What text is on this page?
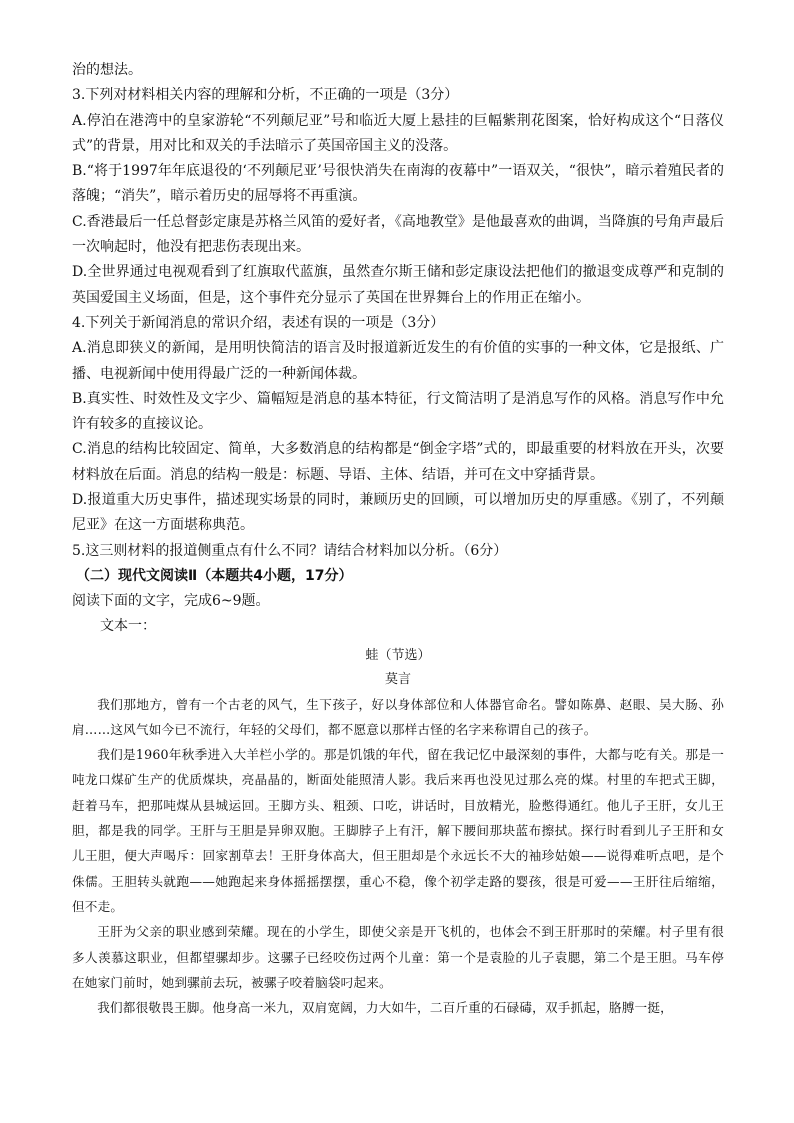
治的想法。

3.下列对材料相关内容的理解和分析，不正确的一项是（3分）

A.停泊在港湾中的皇家游轮“不列颠尼亚”号和临近大厦上悬挂的巨幅紫荆花图案，恰好构成这个“日落仪式”的背景，用对比和双关的手法暗示了英国帝国主义的没落。

B.“将于1997年年底退役的‘不列颠尼亚’号很快消失在南海的夜幕中”一语双关，“很快”，暗示着殖民者的落魄；“消失”，暗示着历史的屈辱将不再重演。

C.香港最后一任总督彭定康是苏格兰风笛的爱好者，《高地教堂》是他最喜欢的曲调，当降旗的号角声最后一次响起时，他没有把悲伤表现出来。

D.全世界通过电视观看到了红旗取代蓝旗，虽然查尔斯王储和彭定康设法把他们的撤退变成尊严和克制的英国爱国主义场面，但是，这个事件充分显示了英国在世界舞台上的作用正在缩小。

4.下列关于新闻消息的常识介绍，表述有误的一项是（3分）

A.消息即狭义的新闻，是用明快简洁的语言及时报道新近发生的有价值的实事的一种文体，它是报纸、广播、电视新闻中使用得最广泛的一种新闻体裁。

B.真实性、时效性及文字少、篇幅短是消息的基本特征，行文简洁明了是消息写作的风格。消息写作中允许有较多的直接议论。

C.消息的结构比较固定、简单，大多数消息的结构都是“倒金字塔”式的，即最重要的材料放在开头，次要材料放在后面。消息的结构一般是：标题、导语、主体、结语，并可在文中穿插背景。

D.报道重大历史事件，描述现实场景的同时，兼顾历史的回顾，可以增加历史的厚重感。《别了，不列颠尼亚》在这一方面堪称典范。

5.这三则材料的报道侧重点有什么不同？请结合材料加以分析。（6分）

（二）现代文阅读Ⅱ（本题共4小题，17分）

阅读下面的文字，完成6~9题。

文本一：

蛙（节选）

莫言

我们那地方，曾有一个古老的风气，生下孩子，好以身体部位和人体器官命名。譬如陈鼻、赵眼、吴大肠、孙肩……这风气如今已不流行，年轻的父母们，都不愿意以那样古怪的名字来称谓自己的孩子。

我们是1960年秋季进入大羊栏小学的。那是饥饿的年代，留在我记忆中最深刻的事件，大都与吃有关。那是一吨龙口煤矿生产的优质煤块，亮晶晶的，断面处能照清人影。我后来再也没见过那么亮的煤。村里的车把式王脚，赶着马车，把那吨煤从县城运回。王脚方头、粗颈、口吃，讲话时，目放精光，脸憋得通红。他儿子王肝，女儿王胆，都是我的同学。王肝与王胆是异卵双胞。王脚脖子上有汗，解下腰间那块蓝布擦拭。探行时看到儿子王肝和女儿王胆，便大声喝斥：回家割草去！王肝身体高大，但王胆却是个永远长不大的袖珍姑娘——说得难听点吧，是个侏儒。王胆转头就跑——她跑起来身体摇摇摆摆，重心不稳，像个初学走路的婴孩，很是可爱——王肝往后缩缩，但不走。

王肝为父亲的职业感到荣耀。现在的小学生，即使父亲是开飞机的，也体会不到王肝那时的荣耀。村子里有很多人羡慕这职业，但都望骡却步。这骡子已经咬伤过两个儿童：第一个是袁脸的儿子袁腮，第二个是王胆。马车停在她家门前时，她到骡前去玩，被骡子咬着脑袋叼起来。

我们都很敬畏王脚。他身高一米九，双肩宽阔，力大如牛，二百斤重的石碌碡，双手抓起，胳膊一挺，
